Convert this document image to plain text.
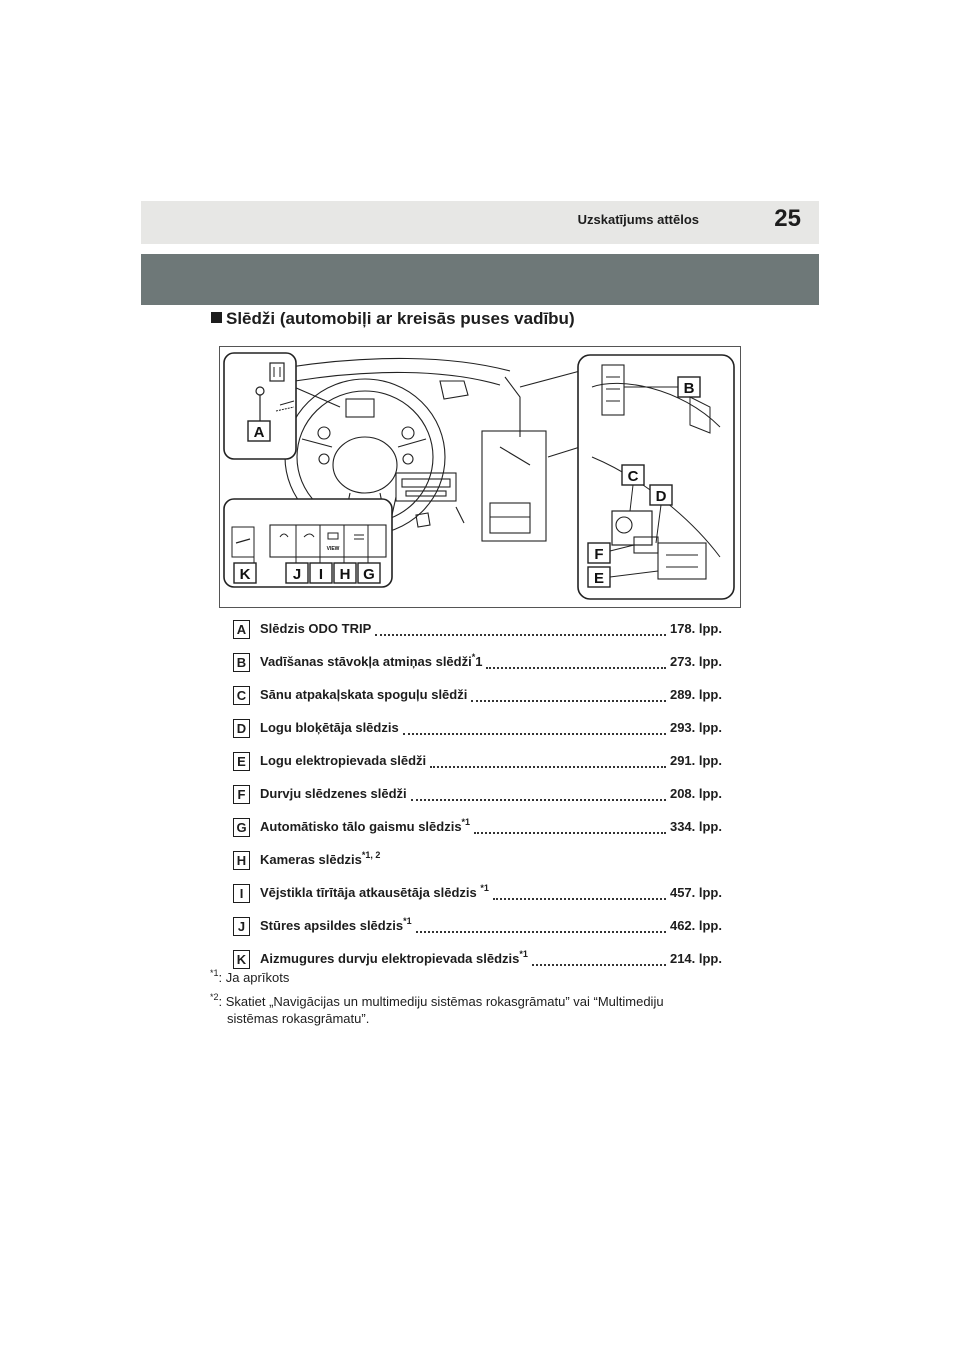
Uzskatījums attēlos	25
Slēdži (automobiļi ar kreisās puses vadību)
A
VIEW
K	J I H G
B
C
D
F
E
A Slēdzis ODO TRIP	178. lpp.
B Vadīšanas stāvokļa atmiņas slēdži*1	273. lpp.
C Sānu atpakaļskata spoguļu slēdži	289. lpp.
D Logu bloķētāja slēdzis	293. lpp.
E	Logu elektropievada slēdži	291. lpp.
F	Durvju slēdzenes slēdži	208. lpp.
G Automātisko tālo gaismu slēdzis$^{*1}$	334. lpp.
H Kameras slēdzis$^{*1, 2}$
I	Vējstikla tīrītāja atkausētāja slēdzis $^{*1}$	457. lpp.
J	Stūres apsildes slēdzis$^{*1}$	462. lpp.
K Aizmugures durvju elektropievada slēdzis$^{*1}$	214. lpp.
$^{*1}$: Ja aprīkots
$^{*2}$: Skatiet „Navigācijas un multimediju sistēmas rokasgrāmatu” vai “Multimediju
sistēmas rokasgrāmatu”.
